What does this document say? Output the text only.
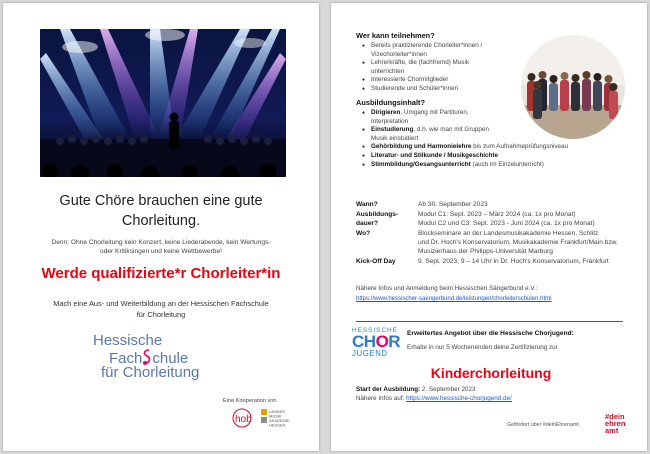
Gute Chöre brauchen eine gute
Chorleitung.
Denn: Ohne Chorleitung kein Konzert, keine Liederabende, kein Wertungs-
oder Kritiksingen und keine Wettbewerbe!
Werde qualifizierte*r Chorleiter*in
Mach eine Aus- und Weiterbildung an der Hessischen Fachschule
für Chorleitung
Hessische
Fach chule
für Chorleitung
Eine Kooperation von
hob
LANDES
MUSIK
AKADEMIE
HESSEN
Wer kann teilnehmen?
● Bereits praktizierende Chorleiter*innen /
Vizechorleiter*innen
● Lehrerkräfte, die (fachfremd) Musik
unterrichten
● Interessierte Chormitglieder
● Studierende und Schüler*innen
Ausbildungsinhalt?
● Dirigieren, Umgang mit Partituren,
Interpretation
● Einstudierung, d.h. wie man mit Gruppen
Musik einstudiert
● Gehörbildung und Harmonielehre bis zum Aufnahmeprüfungsniveau
● Literatur- und Stilkunde / Musikgeschichte
● Stimmbildung/Gesangsunterricht (auch im Einzelunterricht)
Wann?	Ab 30. September 2023
Ausbildungs-	Modul C1: Sept. 2023 – März 2024 (ca. 1x pro Monat)
dauer?	Modul C2 und C3: Sept. 2023 - Juni 2024 (ca. 1x pro Monat)
Wo?	Blockseminare an der Landesmusikakademie Hessen, Schlitz
und Dr. Hoch's Konservatorium, Musikakademie Frankfurt/Main bzw.
Musizierhaus der Philipps-Universität Marburg
Kick-Off Day	9. Sept. 2023, 9 – 14 Uhr in Dr. Hoch's Konservatorium, Frankfurt
Nähere Infos und Anmeldung beim Hessischen Sängerbund e.V.:
https://www.hessischer-saengerbund.de/leistungen/chorleiterschulen.html
HESSISCHE
CHOR
JUGEND
Erweitertes Angebot über die Hessische Chorjugend:
Erhalte in nur 5 Wochenenden deine Zertifizierung zur
Kinderchorleitung
Start der Ausbildung: 2. September 2023
Nähere Infos auf: https://www.hessische-chorjugend.de/
Gefördert über #deinEhrenamt
#dein
ehren
amt
